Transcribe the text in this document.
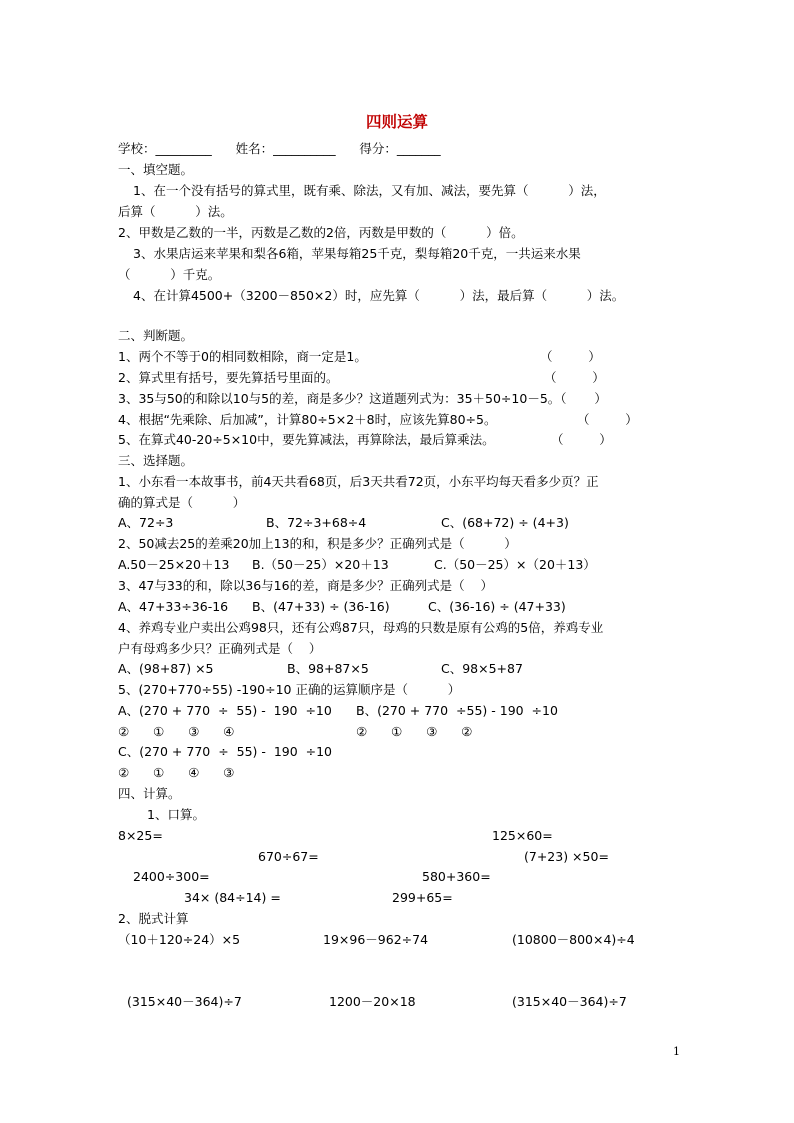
四则运算
学校：_________      姓名：__________      得分：_______
一、填空题。
1、在一个没有括号的算式里，既有乘、除法，又有加、减法，要先算（          ）法，
后算（          ）法。
2、甲数是乙数的一半，丙数是乙数的2倍，丙数是甲数的（          ）倍。
3、水果店运来苹果和梨各6箱，苹果每箱25千克，梨每箱20千克，一共运来水果
（          ）千克。
4、在计算4500+（3200－850×2）时，应先算（          ）法，最后算（          ）法。
二、判断题。
1、两个不等于0的相同数相除，商一定是1。	（         ）
2、算式里有括号，要先算括号里面的。	（         ）
3、35与50的和除以10与5的差，商是多少？这道题列式为：35＋50÷10－5。（       ）
4、根据“先乘除、后加减”，计算80÷5×2＋8时，应该先算80÷5。	（         ）
5、在算式40-20÷5×10中，要先算减法，再算除法，最后算乘法。	（         ）
三、选择题。
1、小东看一本故事书，前4天共看68页，后3天共看72页，小东平均每天看多少页？正
确的算式是（          ）
A、72÷3	B、72÷3+68÷4	C、(68+72) ÷ (4+3)
2、50减去25的差乘20加上13的和，积是多少？正确列式是（          ）
A.50－25×20＋13 B.（50－25）×20＋13	C.（50－25）×（20＋13）
3、47与33的和，除以36与16的差，商是多少？正确列式是（    ）
A、47+33÷36-16 B、(47+33) ÷ (36-16)	C、(36-16) ÷ (47+33)
4、养鸡专业户卖出公鸡98只，还有公鸡87只，母鸡的只数是原有公鸡的5倍，养鸡专业
户有母鸡多少只？正确列式是（    ）
A、(98+87) ×5	B、98+87×5	C、98×5+87
5、(270+770÷55) -190÷10 正确的运算顺序是（          ）
A、(270 + 770  ÷  55) -  190  ÷10 B、(270 + 770  ÷55) - 190  ÷10
②      ①      ③      ④	②      ①      ③      ②
C、(270 + 770  ÷  55) -  190  ÷10
②      ①      ④      ③
四、计算。
1、口算。
8×25=	125×60=
670÷67=	(7+23) ×50=
2400÷300=	580+360=
34× (84÷14) =	299+65=
2、脱式计算
（10＋120÷24）×5	19×96－962÷74	(10800－800×4)÷4
(315×40－364)÷7	1200－20×18	(315×40－364)÷7
1
